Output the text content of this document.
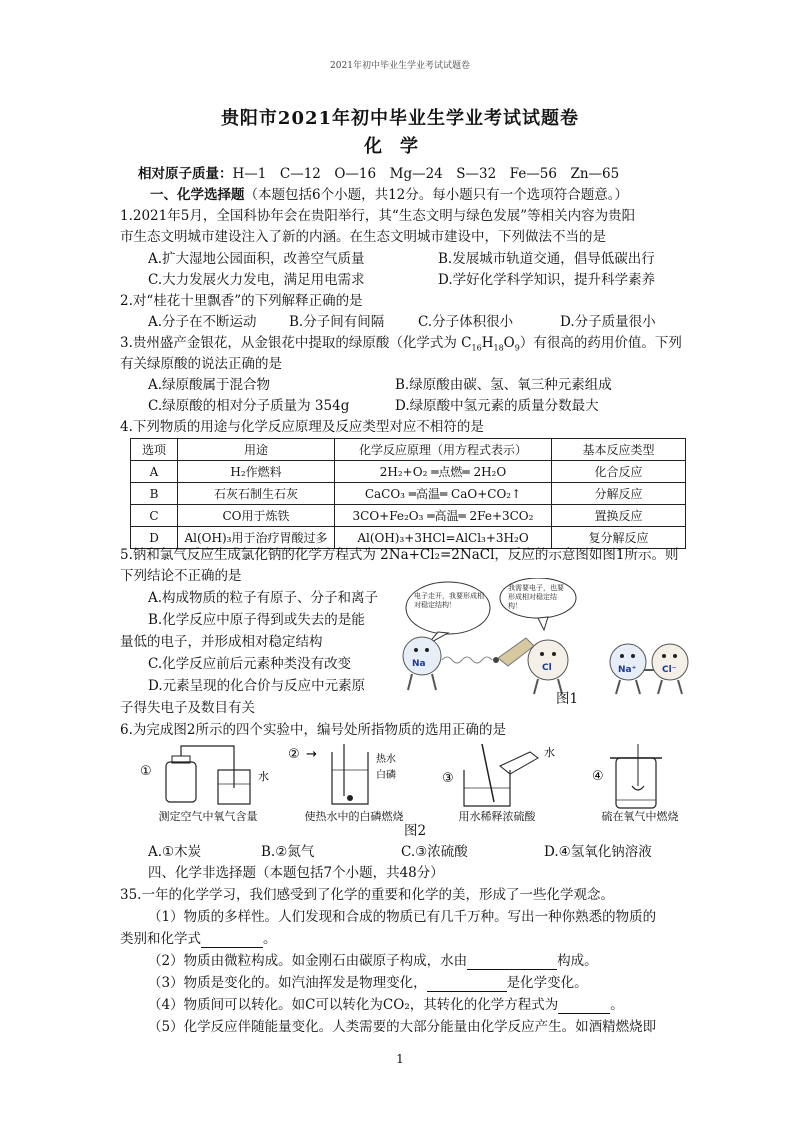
2021年初中毕业生学业考试试题卷
贵阳市2021年初中毕业生学业考试试题卷
化学
相对原子质量：H—1　C—12　O—16　Mg—24　S—32　Fe—56　Zn—65
一、化学选择题（本题包括6个小题，共12分。每小题只有一个选项符合题意。）
1.2021年5月，全国科协年会在贵阳举行，其“生态文明与绿色发展”等相关内容为贵阳
市生态文明城市建设注入了新的内涵。在生态文明城市建设中，下列做法不当的是
A.扩大湿地公园面积，改善空气质量	B.发展城市轨道交通，倡导低碳出行
C.大力发展火力发电，满足用电需求	D.学好化学科学知识，提升科学素养
2.对“桂花十里飘香”的下列解释正确的是
A.分子在不断运动 B.分子间有间隔	C.分子体积很小	D.分子质量很小
3.贵州盛产金银花，从金银花中提取的绿原酸（化学式为 $C_{16}H_{18}O_9$）有很高的药用价值。下列
有关绿原酸的说法正确的是
A.绿原酸属于混合物	B.绿原酸由碳、氢、氧三种元素组成
C.绿原酸的相对分子质量为 354g	D.绿原酸中氢元素的质量分数最大
4.下列物质的用途与化学反应原理及反应类型对应不相符的是
选项	用途	化学反应原理（用方程式表示）	基本反应类型
A	H₂作燃料	2H₂+O₂ ═点燃═ 2H₂O	化合反应
B	石灰石制生石灰	CaCO₃ ═高温═ CaO+CO₂↑	分解反应
C	CO用于炼铁	3CO+Fe₂O₃ ═高温═ 2Fe+3CO₂	置换反应
D	Al(OH)₃用于治疗胃酸过多	Al(OH)₃+3HCl=AlCl₃+3H₂O	复分解反应
5.钠和氯气反应生成氯化钠的化学方程式为 2Na+Cl₂=2NaCl，反应的示意图如图1所示。则
下列结论不正确的是
A.构成物质的粒子有原子、分子和离子
B.化学反应中原子得到或失去的是能
量低的电子，并形成相对稳定结构
C.化学反应前后元素种类没有改变
D.元素呈现的化合价与反应中元素原
子得失电子及数目有关
电子走开，我要形成相对稳定结构！
我需要电子，也要形成相对稳定结构！
Na	Cl	Na⁺	Cl⁻
图1
6.为完成图2所示的四个实验中，编号处所指物质的选用正确的是
①	水
② →	热水
白磷	③
水
④
测定空气中氧气含量	使热水中的白磷燃烧	用水稀释浓硫酸	硫在氧气中燃烧
图2
A.①木炭	B.②氮气	C.③浓硫酸	D.④氢氧化钠溶液
四、化学非选择题（本题包括7个小题，共48分）
35.一年的化学学习，我们感受到了化学的重要和化学的美，形成了一些化学观念。
（1）物质的多样性。人们发现和合成的物质已有几千万种。写出一种你熟悉的物质的
类别和化学式	。
（2）物质由微粒构成。如金刚石由碳原子构成，水由	构成。
（3）物质是变化的。如汽油挥发是物理变化，	是化学变化。
（4）物质间可以转化。如C可以转化为CO₂，其转化的化学方程式为	。
（5）化学反应伴随能量变化。人类需要的大部分能量由化学反应产生。如酒精燃烧即
1
